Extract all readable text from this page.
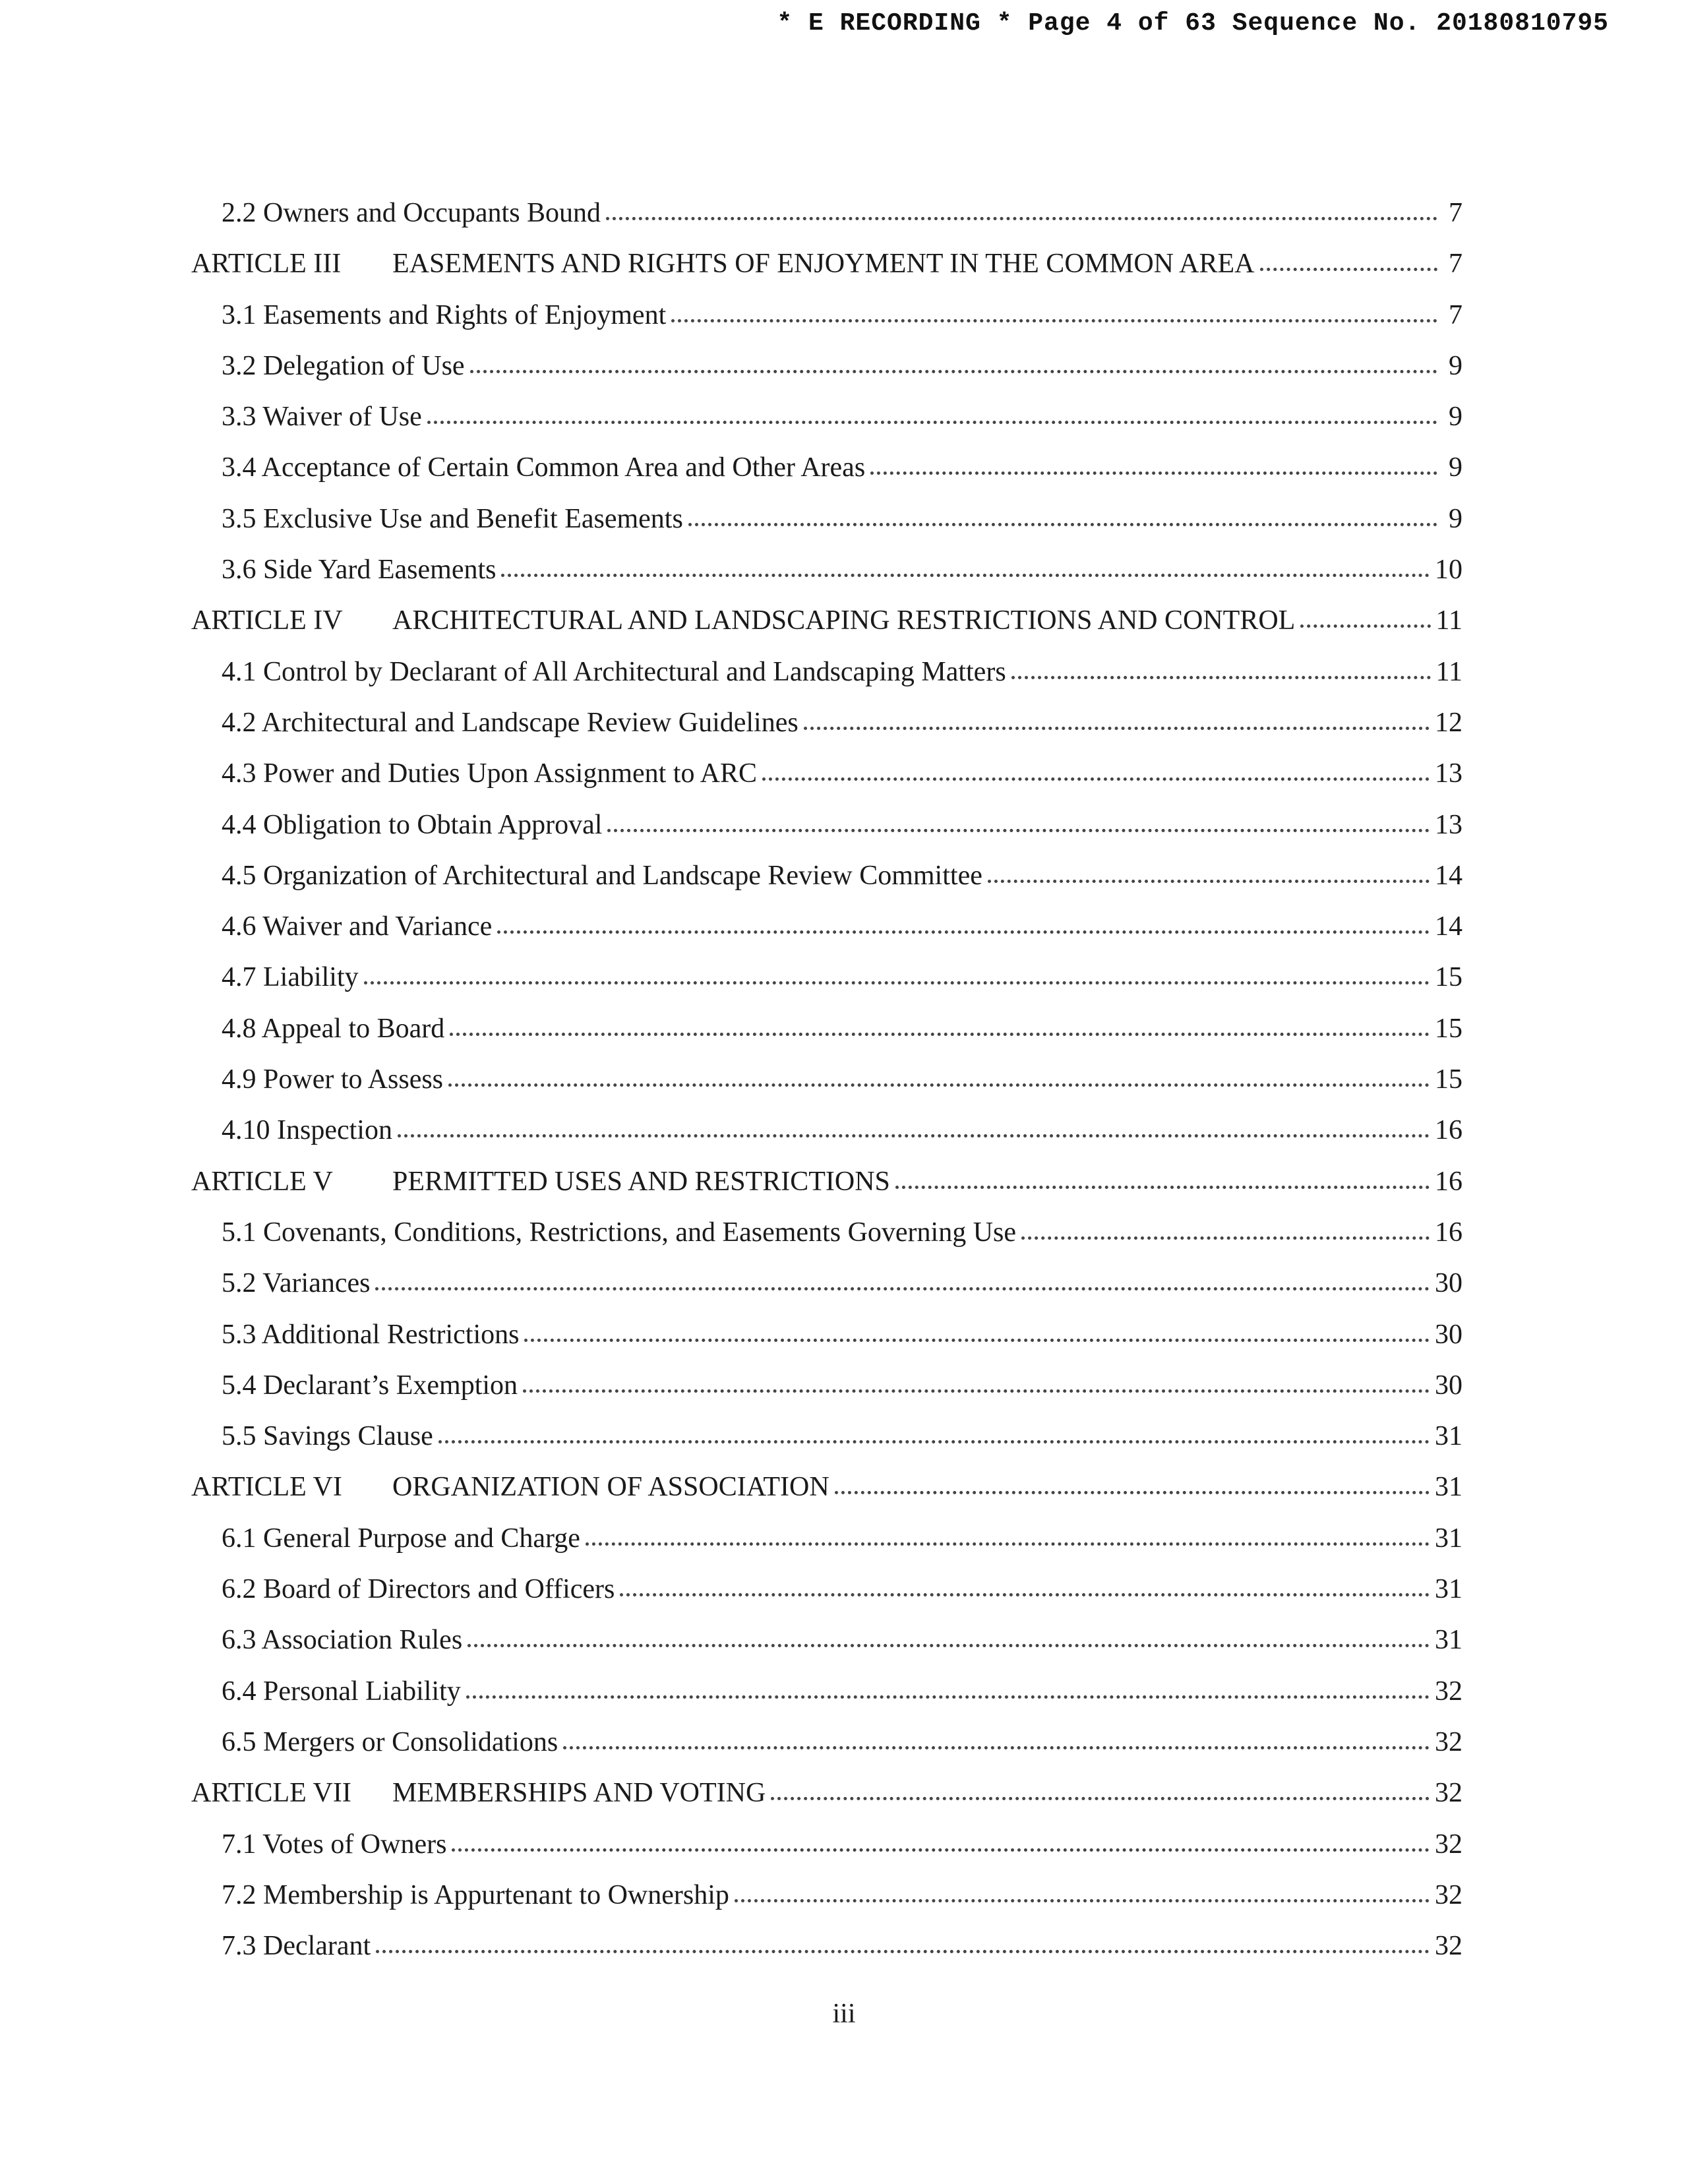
* E RECORDING * Page 4 of 63 Sequence No. 20180810795
2.2 Owners and Occupants Bound	7
ARTICLE III	EASEMENTS AND RIGHTS OF ENJOYMENT IN THE COMMON AREA	7
3.1 Easements and Rights of Enjoyment	7
3.2 Delegation of Use	9
3.3 Waiver of Use	9
3.4 Acceptance of Certain Common Area and Other Areas	9
3.5 Exclusive Use and Benefit Easements	9
3.6 Side Yard Easements	10
ARTICLE IV	ARCHITECTURAL AND LANDSCAPING RESTRICTIONS AND CONTROL	11
4.1 Control by Declarant of All Architectural and Landscaping Matters	11
4.2 Architectural and Landscape Review Guidelines	12
4.3 Power and Duties Upon Assignment to ARC	13
4.4 Obligation to Obtain Approval	13
4.5 Organization of Architectural and Landscape Review Committee	14
4.6 Waiver and Variance	14
4.7 Liability	15
4.8 Appeal to Board	15
4.9 Power to Assess	15
4.10 Inspection	16
ARTICLE V	PERMITTED USES AND RESTRICTIONS	16
5.1 Covenants, Conditions, Restrictions, and Easements Governing Use	16
5.2 Variances	30
5.3 Additional Restrictions	30
5.4 Declarant’s Exemption	30
5.5 Savings Clause	31
ARTICLE VI	ORGANIZATION OF ASSOCIATION	31
6.1 General Purpose and Charge	31
6.2 Board of Directors and Officers	31
6.3 Association Rules	31
6.4 Personal Liability	32
6.5 Mergers or Consolidations	32
ARTICLE VII	MEMBERSHIPS AND VOTING	32
7.1 Votes of Owners	32
7.2 Membership is Appurtenant to Ownership	32
7.3 Declarant	32
iii
